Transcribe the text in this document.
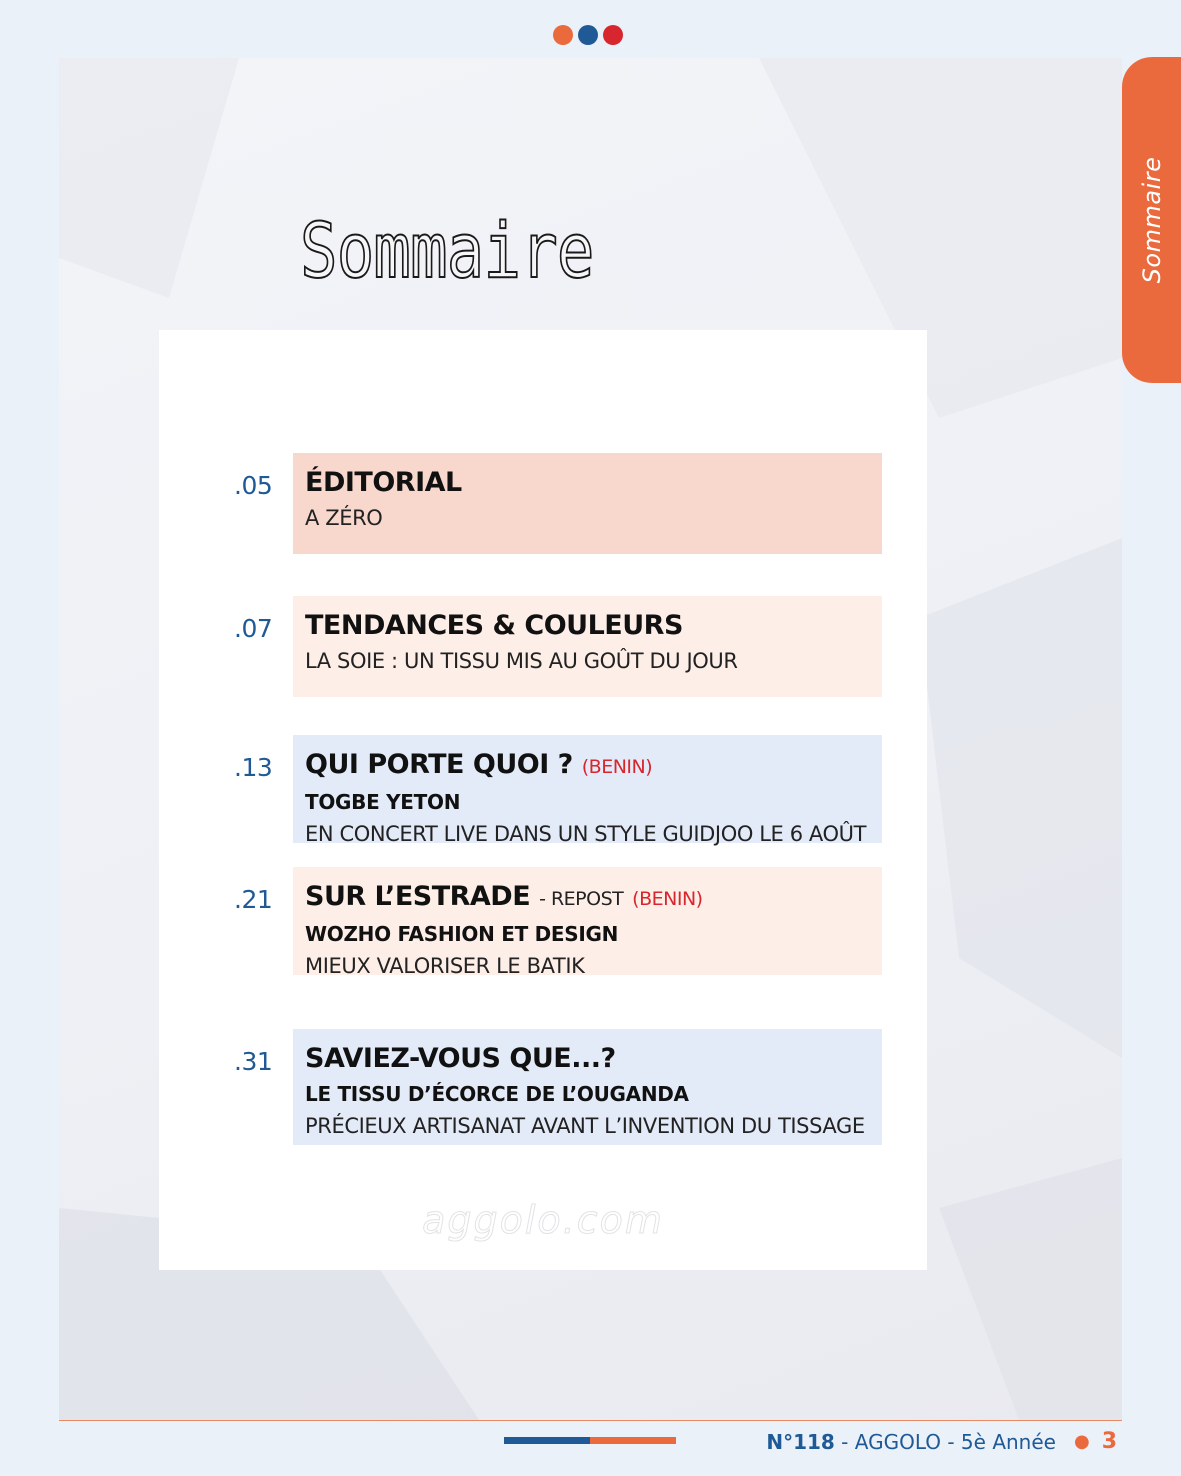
Sommaire
Sommaire
.05 ÉDITORIAL
A ZÉRO
.07 TENDANCES & COULEURS
LA SOIE : UN TISSU MIS AU GOÛT DU JOUR
.13 QUI PORTE QUOI ? (BENIN)
TOGBE YETON
EN CONCERT LIVE DANS UN STYLE GUIDJOO LE 6 AOÛT
.21 SUR L’ESTRADE - REPOST (BENIN)
WOZHO FASHION ET DESIGN
MIEUX VALORISER LE BATIK
.31 SAVIEZ-VOUS QUE...?
LE TISSU D’ÉCORCE DE L’OUGANDA
PRÉCIEUX ARTISANAT AVANT L’INVENTION DU TISSAGE
aggolo.com
N°118 - AGGOLO - 5è Année ● 3
